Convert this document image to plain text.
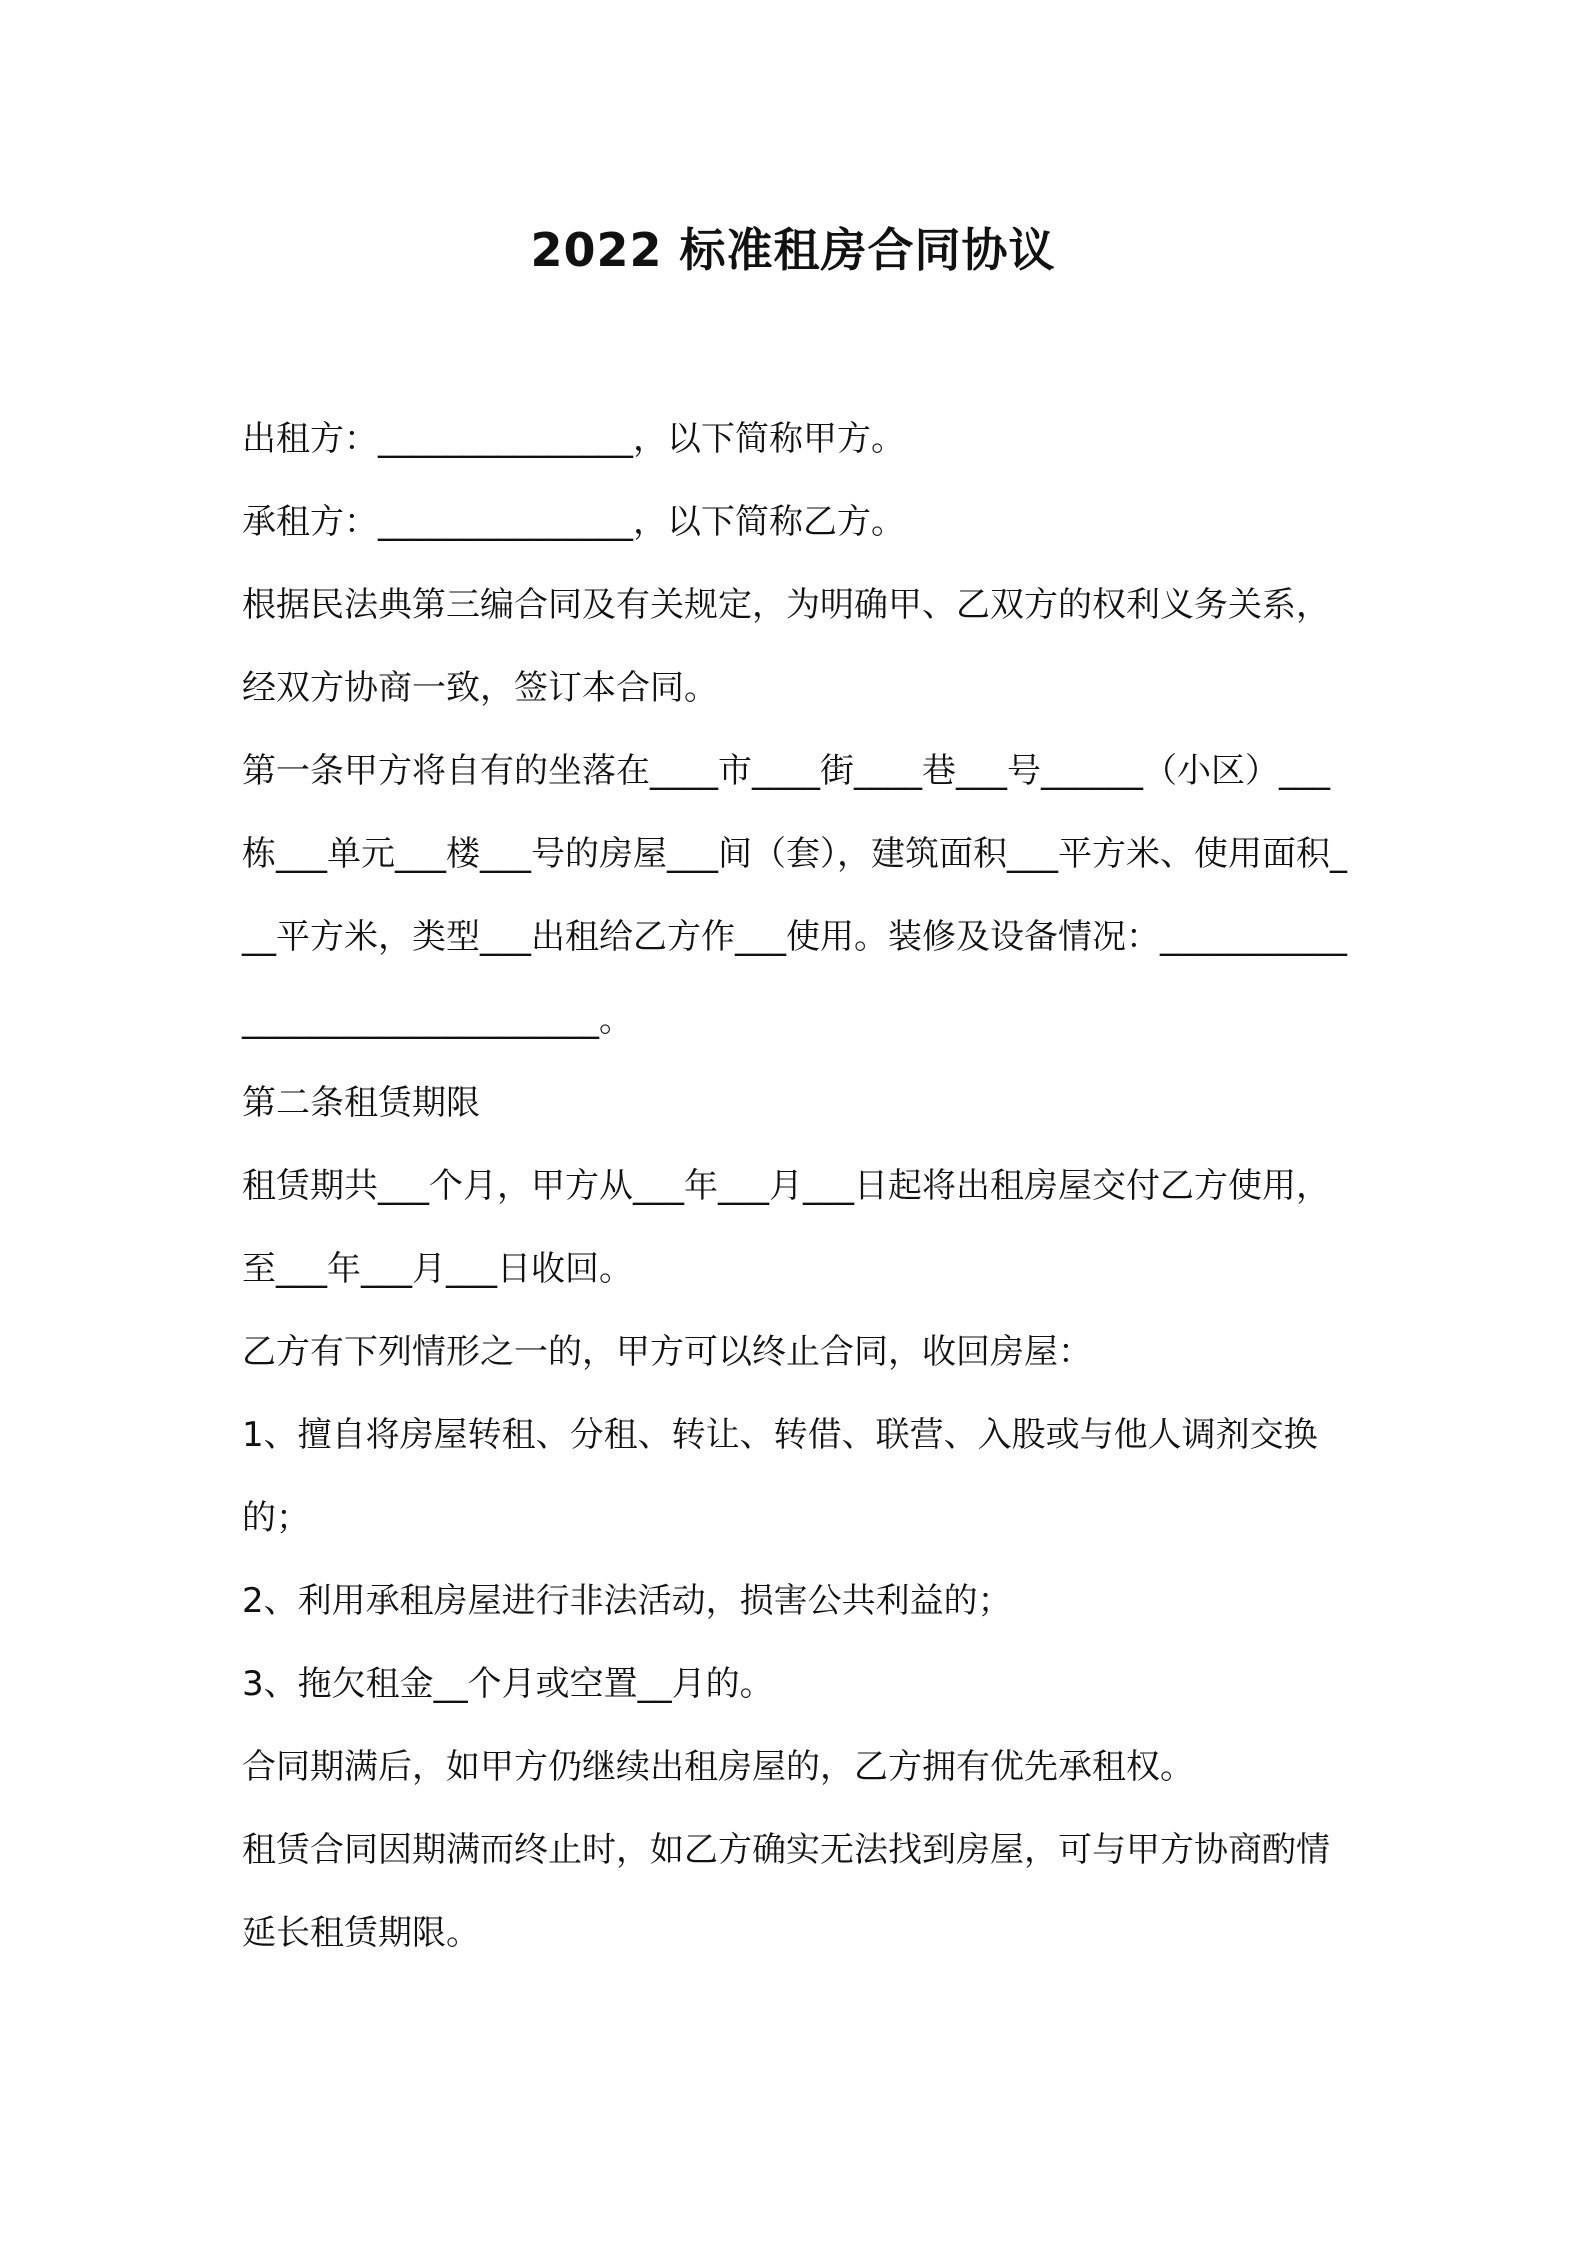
2022 标准租房合同协议

出租方：_______________，以下简称甲方。

承租方：_______________，以下简称乙方。

根据民法典第三编合同及有关规定，为明确甲、乙双方的权利义务关系，经双方协商一致，签订本合同。

第一条甲方将自有的坐落在____市____街____巷___号______（小区）___栋___单元___楼___号的房屋___间（套），建筑面积___平方米、使用面积___平方米，类型___出租给乙方作___使用。装修及设备情况：________________________________。

第二条租赁期限

租赁期共___个月，甲方从___年___月___日起将出租房屋交付乙方使用，至___年___月___日收回。

乙方有下列情形之一的，甲方可以终止合同，收回房屋：

1、擅自将房屋转租、分租、转让、转借、联营、入股或与他人调剂交换的；

2、利用承租房屋进行非法活动，损害公共利益的；

3、拖欠租金__个月或空置__月的。

合同期满后，如甲方仍继续出租房屋的，乙方拥有优先承租权。

租赁合同因期满而终止时，如乙方确实无法找到房屋，可与甲方协商酌情延长租赁期限。
